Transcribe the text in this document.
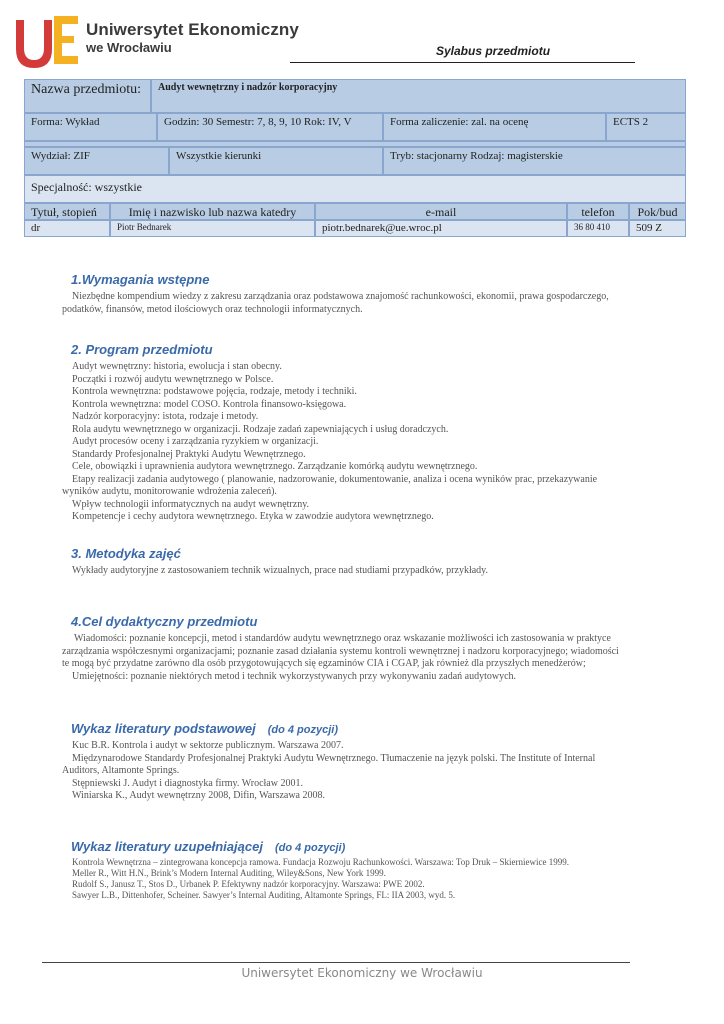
Uniwersytet Ekonomiczny
we Wrocławiu	Sylabus przedmiotu
Nazwa przedmiotu:	Audyt wewnętrzny i nadzór korporacyjny
Forma: Wykład	Godzin: 30 Semestr: 7, 8, 9, 10 Rok: IV, V	Forma zaliczenie: zal. na ocenę	ECTS 2
Wydział: ZIF	Wszystkie kierunki	Tryb: stacjonarny Rodzaj: magisterskie
Specjalność: wszystkie
Tytuł, stopień	Imię i nazwisko lub nazwa katedry	e-mail	telefon	Pok/bud
dr	Piotr Bednarek	piotr.bednarek@ue.wroc.pl	36 80 410	509 Z
1.Wymagania wstępne
Niezbędne kompendium wiedzy z zakresu zarządzania oraz podstawowa znajomość rachunkowości, ekonomii, prawa gospodarczego,
podatków, finansów, metod ilościowych oraz technologii informatycznych.
2. Program przedmiotu
Audyt wewnętrzny: historia, ewolucja i stan obecny.
Początki i rozwój audytu wewnętrznego w Polsce.
Kontrola wewnętrzna: podstawowe pojęcia, rodzaje, metody i techniki.
Kontrola wewnętrzna: model COSO. Kontrola finansowo-księgowa.
Nadzór korporacyjny: istota, rodzaje i metody.
Rola audytu wewnętrznego w organizacji. Rodzaje zadań zapewniających i usług doradczych.
Audyt procesów oceny i zarządzania ryzykiem w organizacji.
Standardy Profesjonalnej Praktyki Audytu Wewnętrznego.
Cele, obowiązki i uprawnienia audytora wewnętrznego. Zarządzanie komórką audytu wewnętrznego.
Etapy realizacji zadania audytowego ( planowanie, nadzorowanie, dokumentowanie, analiza i ocena wyników prac, przekazywanie
wyników audytu, monitorowanie wdrożenia zaleceń).
Wpływ technologii informatycznych na audyt wewnętrzny.
Kompetencje i cechy audytora wewnętrznego. Etyka w zawodzie audytora wewnętrznego.
3. Metodyka zajęć
Wykłady audytoryjne z zastosowaniem technik wizualnych, prace nad studiami przypadków, przykłady.
4.Cel dydaktyczny przedmiotu
Wiadomości: poznanie koncepcji, metod i standardów audytu wewnętrznego oraz wskazanie możliwości ich zastosowania w praktyce
zarządzania współczesnymi organizacjami; poznanie zasad działania systemu kontroli wewnętrznej i nadzoru korporacyjnego; wiadomości
te mogą być przydatne zarówno dla osób przygotowujących się egzaminów CIA i CGAP, jak również dla przyszłych menedżerów;
Umiejętności: poznanie niektórych metod i technik wykorzystywanych przy wykonywaniu zadań audytowych.
Wykaz literatury podstawowej (do 4 pozycji)
Kuc B.R. Kontrola i audyt w sektorze publicznym. Warszawa 2007.
Międzynarodowe Standardy Profesjonalnej Praktyki Audytu Wewnętrznego. Tłumaczenie na język polski. The Institute of Internal
Auditors, Altamonte Springs.
Stępniewski J. Audyt i diagnostyka firmy. Wrocław 2001.
Winiarska K., Audyt wewnętrzny 2008, Difin, Warszawa 2008.
Wykaz literatury uzupełniającej (do 4 pozycji)
Kontrola Wewnętrzna – zintegrowana koncepcja ramowa. Fundacja Rozwoju Rachunkowości. Warszawa: Top Druk – Skierniewice 1999.
Meller R., Witt H.N., Brink’s Modern Internal Auditing, Wiley&Sons, New York 1999.
Rudolf S., Janusz T., Stos D., Urbanek P. Efektywny nadzór korporacyjny. Warszawa: PWE 2002.
Sawyer L.B., Dittenhofer, Scheiner. Sawyer’s Internal Auditing, Altamonte Springs, FL: IIA 2003, wyd. 5.
Uniwersytet Ekonomiczny we Wrocławiu
